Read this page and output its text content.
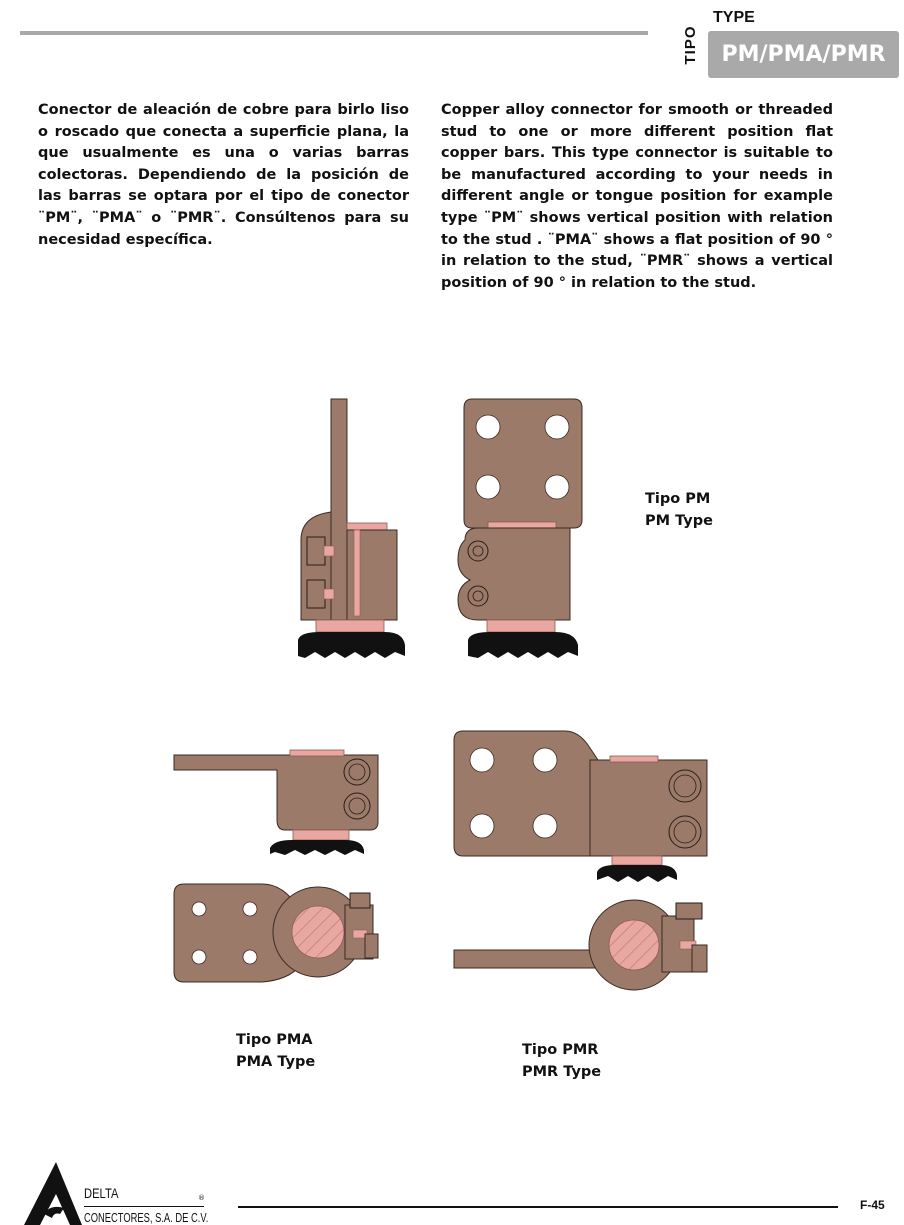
TIPO
TYPE
PM/PMA/PMR

Conector de aleación de cobre para birlo liso o roscado que conecta a superficie plana, la que usualmente es una o varias barras colectoras. Dependiendo de la posición de las barras se optara por el tipo de conector ¨PM¨, ¨PMA¨ o ¨PMR¨. Consúltenos para su necesidad específica.

Copper alloy connector for smooth or threaded stud to one or more different position flat copper bars. This type connector is suitable to be manufactured according to your needs in different angle or tongue position for example type ¨PM¨ shows vertical position with relation to the stud . ¨PMA¨ shows a flat position of 90 ° in relation to the stud, ¨PMR¨ shows a vertical position of 90 ° in relation to the stud.

Tipo PM
PM Type
Tipo PMA
PMA Type
Tipo PMR
PMR Type
DELTA	®
CONECTORES, S.A. DE C.V.
F-45
